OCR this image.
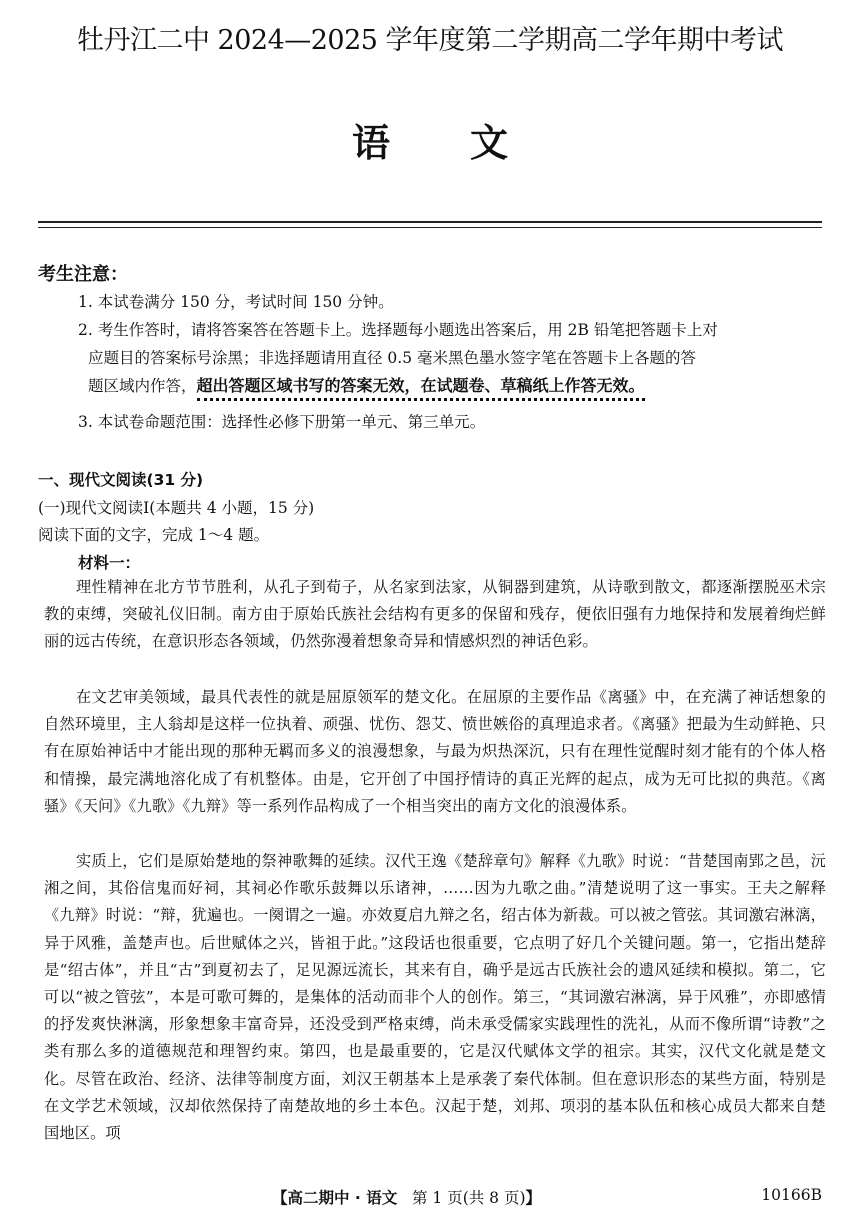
牡丹江二中 2024—2025 学年度第二学期高二学年期中考试
语文
考生注意：
1. 本试卷满分 150 分，考试时间 150 分钟。
2. 考生作答时，请将答案答在答题卡上。选择题每小题选出答案后，用 2B 铅笔把答题卡上对
应题目的答案标号涂黑；非选择题请用直径 0.5 毫米黑色墨水签字笔在答题卡上各题的答
题区域内作答，超出答题区域书写的答案无效，在试题卷、草稿纸上作答无效。
3. 本试卷命题范围：选择性必修下册第一单元、第三单元。
一、现代文阅读(31 分)
(一)现代文阅读Ⅰ(本题共 4 小题，15 分)
阅读下面的文字，完成 1～4 题。
材料一：

理性精神在北方节节胜利，从孔子到荀子，从名家到法家，从铜器到建筑，从诗歌到散文，都逐渐摆脱巫术宗教的束缚，突破礼仪旧制。南方由于原始氏族社会结构有更多的保留和残存，便依旧强有力地保持和发展着绚烂鲜丽的远古传统，在意识形态各领域，仍然弥漫着想象奇异和情感炽烈的神话色彩。

在文艺审美领域，最具代表性的就是屈原领军的楚文化。在屈原的主要作品《离骚》中，在充满了神话想象的自然环境里，主人翁却是这样一位执着、顽强、忧伤、怨艾、愤世嫉俗的真理追求者。《离骚》把最为生动鲜艳、只有在原始神话中才能出现的那种无羁而多义的浪漫想象，与最为炽热深沉，只有在理性觉醒时刻才能有的个体人格和情操，最完满地溶化成了有机整体。由是，它开创了中国抒情诗的真正光辉的起点，成为无可比拟的典范。《离骚》《天问》《九歌》《九辩》等一系列作品构成了一个相当突出的南方文化的浪漫体系。

实质上，它们是原始楚地的祭神歌舞的延续。汉代王逸《楚辞章句》解释《九歌》时说：“昔楚国南郢之邑，沅湘之间，其俗信鬼而好祠，其祠必作歌乐鼓舞以乐诸神，……因为九歌之曲。”清楚说明了这一事实。王夫之解释《九辩》时说：“辩，犹遍也。一阕谓之一遍。亦效夏启九辩之名，绍古体为新裁。可以被之管弦。其词激宕淋漓，异于风雅，盖楚声也。后世赋体之兴，皆祖于此。”这段话也很重要，它点明了好几个关键问题。第一，它指出楚辞是“绍古体”，并且“古”到夏初去了，足见源远流长，其来有自，确乎是远古氏族社会的遗风延续和模拟。第二，它可以“被之管弦”，本是可歌可舞的，是集体的活动而非个人的创作。第三，“其词激宕淋漓，异于风雅”，亦即感情的抒发爽快淋漓，形象想象丰富奇异，还没受到严格束缚，尚未承受儒家实践理性的洗礼，从而不像所谓“诗教”之类有那么多的道德规范和理智约束。第四，也是最重要的，它是汉代赋体文学的祖宗。其实，汉代文化就是楚文化。尽管在政治、经济、法律等制度方面，刘汉王朝基本上是承袭了秦代体制。但在意识形态的某些方面，特别是在文学艺术领域，汉却依然保持了南楚故地的乡土本色。汉起于楚，刘邦、项羽的基本队伍和核心成员大都来自楚国地区。项

【高二期中 · 语文 第 1 页(共 8 页)】	10166B
